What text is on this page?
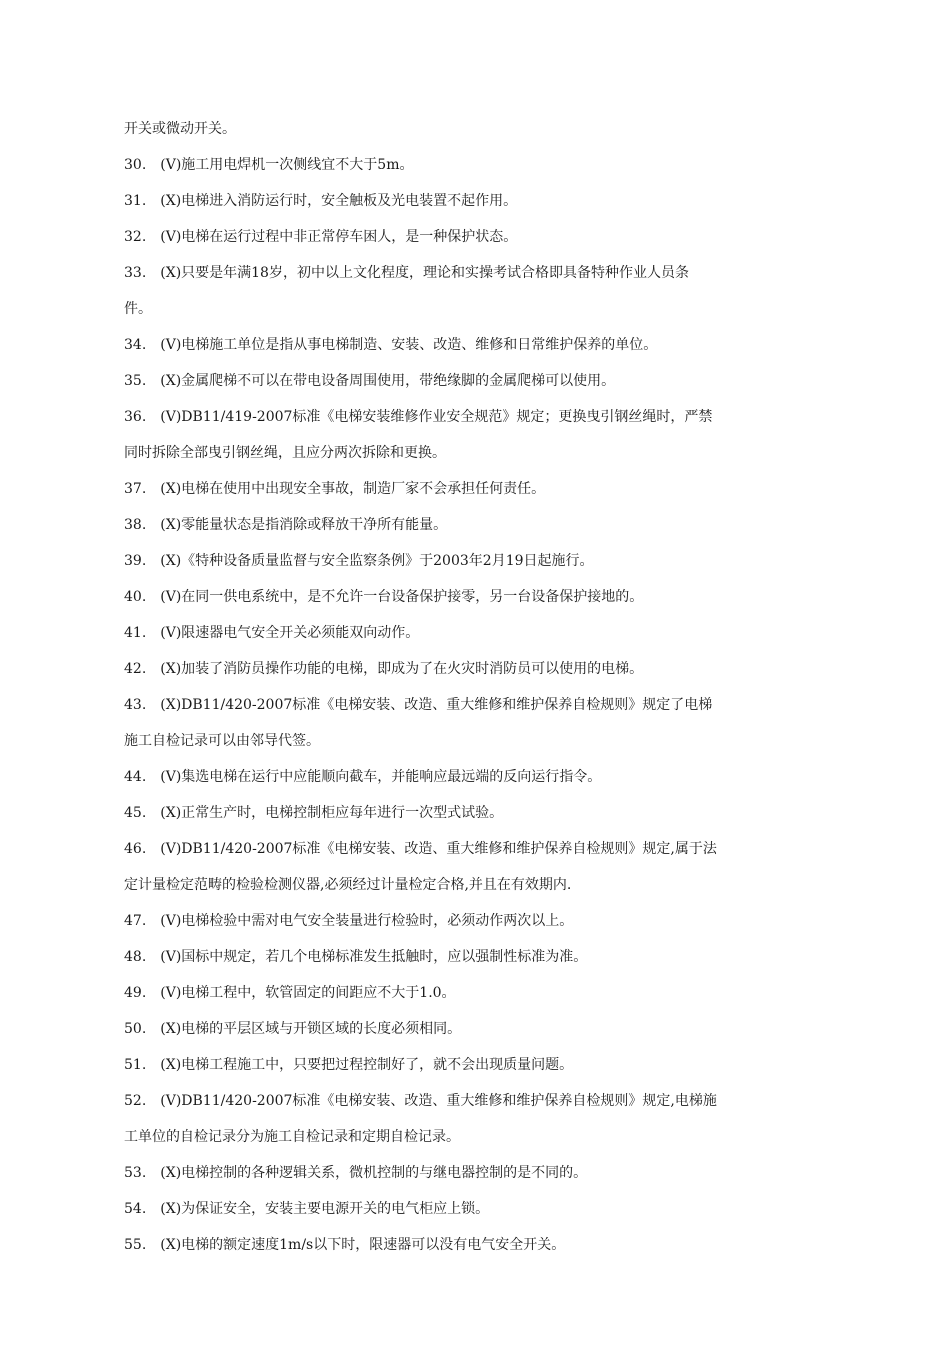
开关或微动开关。
30.　(V)施工用电焊机一次侧线宜不大于5m。
31.　(X)电梯进入消防运行时，安全触板及光电装置不起作用。
32.　(V)电梯在运行过程中非正常停车困人，是一种保护状态。
33.　(X)只要是年满18岁，初中以上文化程度，理论和实操考试合格即具备特种作业人员条
件。
34.　(V)电梯施工单位是指从事电梯制造、安装、改造、维修和日常维护保养的单位。
35.　(X)金属爬梯不可以在带电设备周围使用，带绝缘脚的金属爬梯可以使用。
36.　(V)DB11/419-2007标准《电梯安装维修作业安全规范》规定；更换曳引钢丝绳时，严禁
同时拆除全部曳引钢丝绳，且应分两次拆除和更换。
37.　(X)电梯在使用中出现安全事故，制造厂家不会承担任何责任。
38.　(X)零能量状态是指消除或释放干净所有能量。
39.　(X)《特种设备质量监督与安全监察条例》于2003年2月19日起施行。
40.　(V)在同一供电系统中，是不允许一台设备保护接零，另一台设备保护接地的。
41.　(V)限速器电气安全开关必须能双向动作。
42.　(X)加装了消防员操作功能的电梯，即成为了在火灾时消防员可以使用的电梯。
43.　(X)DB11/420-2007标准《电梯安装、改造、重大维修和维护保养自检规则》规定了电梯
施工自检记录可以由邻导代签。
44.　(V)集选电梯在运行中应能顺向截车，并能响应最远端的反向运行指令。
45.　(X)正常生产时，电梯控制柜应每年进行一次型式试验。
46.　(V)DB11/420-2007标准《电梯安装、改造、重大维修和维护保养自检规则》规定,属于法
定计量检定范畴的检验检测仪器,必须经过计量检定合格,并且在有效期内.
47.　(V)电梯检验中需对电气安全装量进行检验时，必须动作两次以上。
48.　(V)国标中规定，若几个电梯标准发生抵触时，应以强制性标准为准。
49.　(V)电梯工程中，软管固定的间距应不大于1.0。
50.　(X)电梯的平层区域与开锁区域的长度必须相同。
51.　(X)电梯工程施工中，只要把过程控制好了，就不会出现质量问题。
52.　(V)DB11/420-2007标准《电梯安装、改造、重大维修和维护保养自检规则》规定,电梯施
工单位的自检记录分为施工自检记录和定期自检记录。
53.　(X)电梯控制的各种逻辑关系，微机控制的与继电器控制的是不同的。
54.　(X)为保证安全，安装主要电源开关的电气柜应上锁。
55.　(X)电梯的额定速度1m/s以下时，限速器可以没有电气安全开关。
